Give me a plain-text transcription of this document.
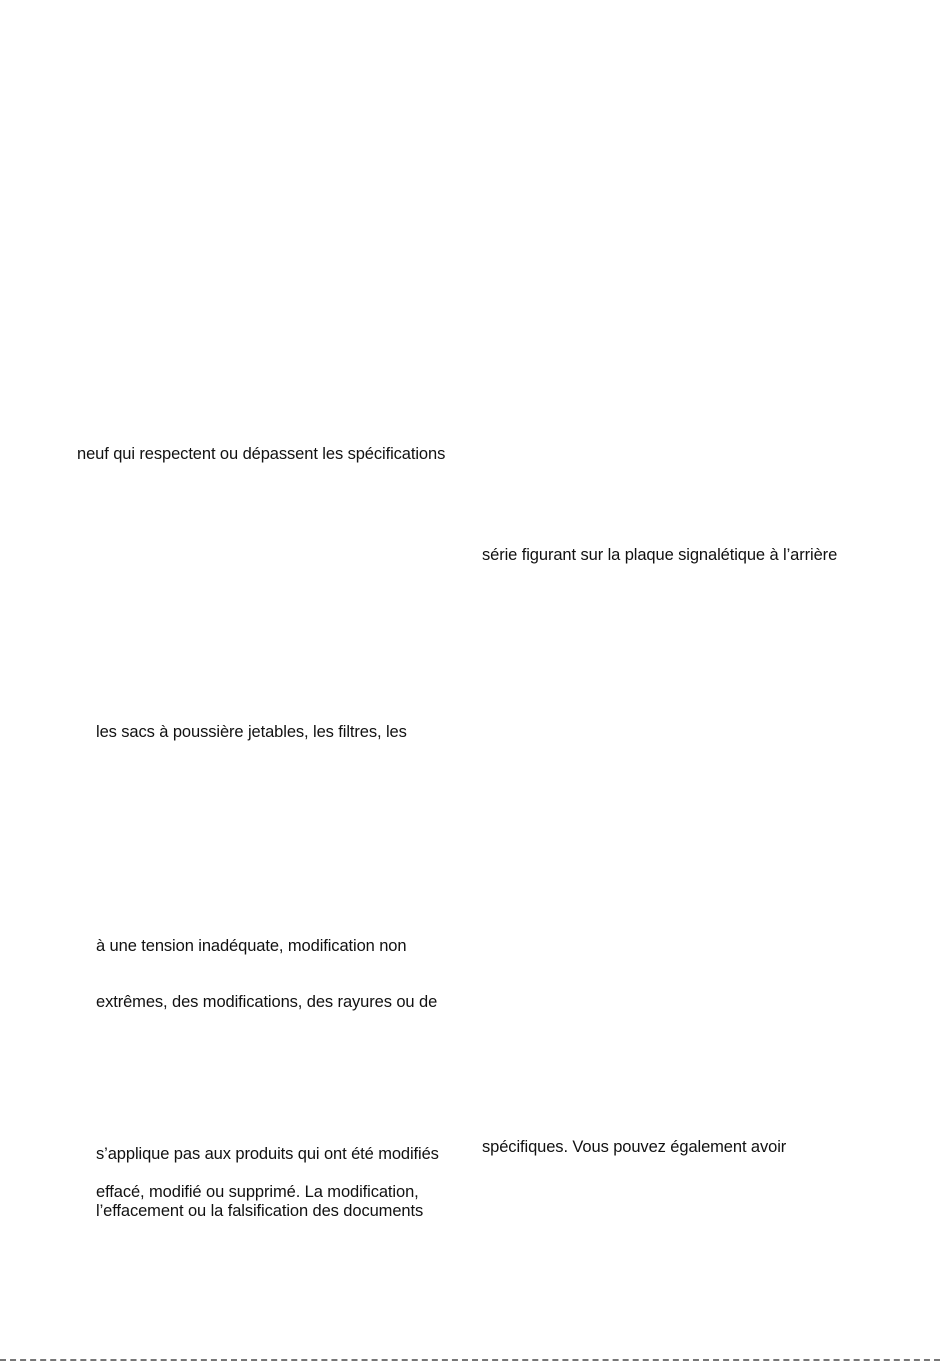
neuf qui respectent ou dépassent les spécifications
série figurant sur la plaque signalétique à l’arrière
les sacs à poussière jetables, les filtres, les
à une tension inadéquate, modification non
extrêmes, des modifications, des rayures ou de
s’applique pas aux produits qui ont été modifiés	spécifiques. Vous pouvez également avoir
effacé, modifié ou supprimé. La modification,
l’effacement ou la falsification des documents
